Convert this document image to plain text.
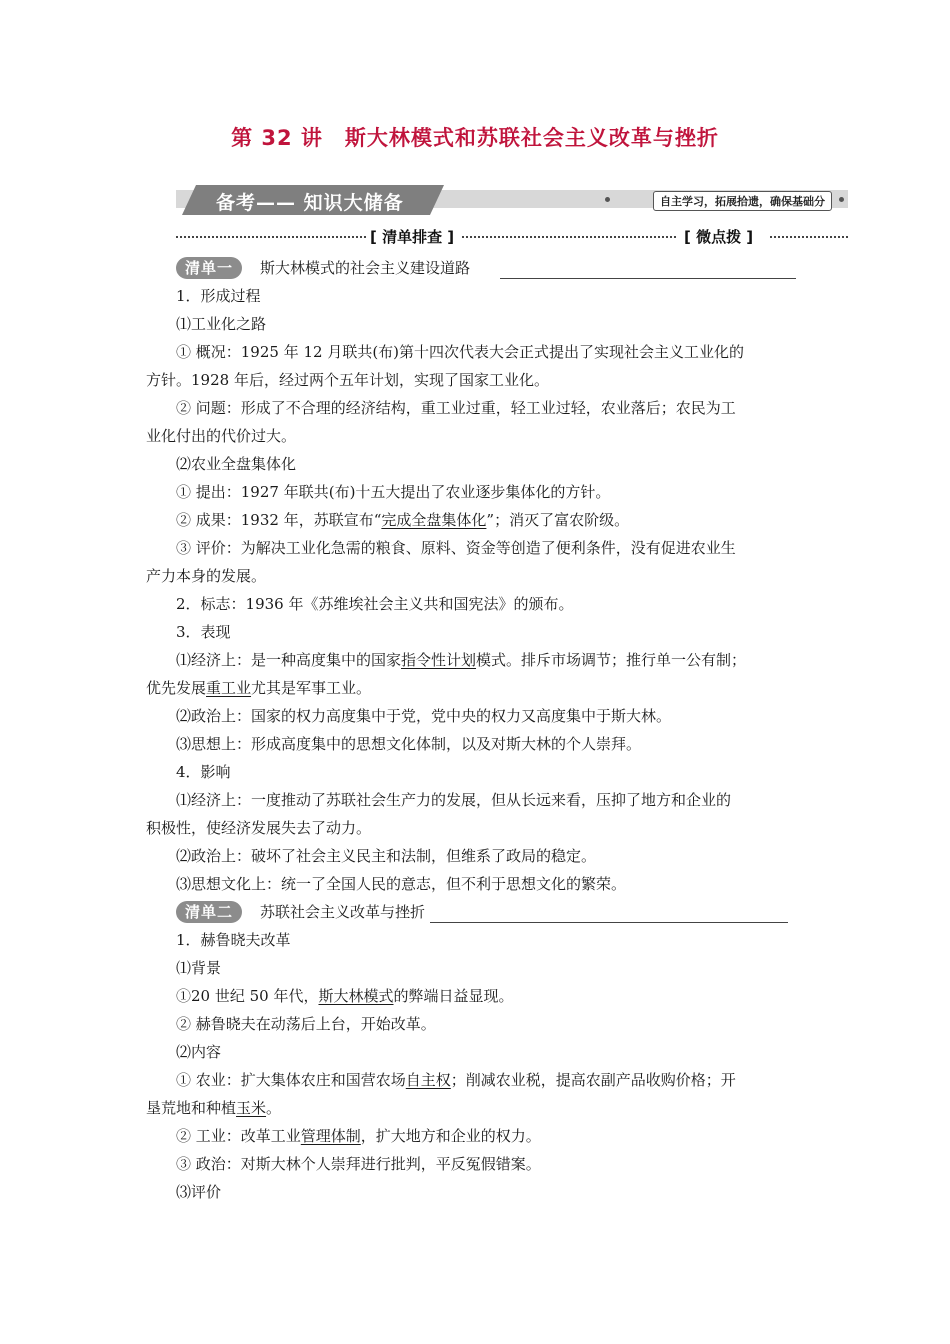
第 32 讲　斯大林模式和苏联社会主义改革与挫折
备考—— 知识大储备	自主学习，拓展拾遗，确保基础分
[ 清单排查 ]	[ 微点拨 ]
清单一	斯大林模式的社会主义建设道路
1．形成过程
⑴工业化之路
① 概况：1925 年 12 月联共(布)第十四次代表大会正式提出了实现社会主义工业化的
方针。1928 年后，经过两个五年计划，实现了国家工业化。
② 问题：形成了不合理的经济结构，重工业过重，轻工业过轻，农业落后；农民为工
业化付出的代价过大。
⑵农业全盘集体化
① 提出：1927 年联共(布)十五大提出了农业逐步集体化的方针。
② 成果：1932 年，苏联宣布“完成全盘集体化”；消灭了富农阶级。
③ 评价：为解决工业化急需的粮食、原料、资金等创造了便利条件，没有促进农业生
产力本身的发展。
2．标志：1936 年《苏维埃社会主义共和国宪法》的颁布。
3．表现
⑴经济上：是一种高度集中的国家指令性计划模式。排斥市场调节；推行单一公有制；
优先发展重工业尤其是军事工业。
⑵政治上：国家的权力高度集中于党，党中央的权力又高度集中于斯大林。
⑶思想上：形成高度集中的思想文化体制，以及对斯大林的个人崇拜。
4．影响
⑴经济上：一度推动了苏联社会生产力的发展，但从长远来看，压抑了地方和企业的
积极性，使经济发展失去了动力。
⑵政治上：破坏了社会主义民主和法制，但维系了政局的稳定。
⑶思想文化上：统一了全国人民的意志，但不利于思想文化的繁荣。
清单二	苏联社会主义改革与挫折
1．赫鲁晓夫改革
⑴背景
①20 世纪 50 年代，斯大林模式的弊端日益显现。
② 赫鲁晓夫在动荡后上台，开始改革。
⑵内容
① 农业：扩大集体农庄和国营农场自主权；削减农业税，提高农副产品收购价格；开
垦荒地和种植玉米。
② 工业：改革工业管理体制，扩大地方和企业的权力。
③ 政治：对斯大林个人崇拜进行批判，平反冤假错案。
⑶评价
